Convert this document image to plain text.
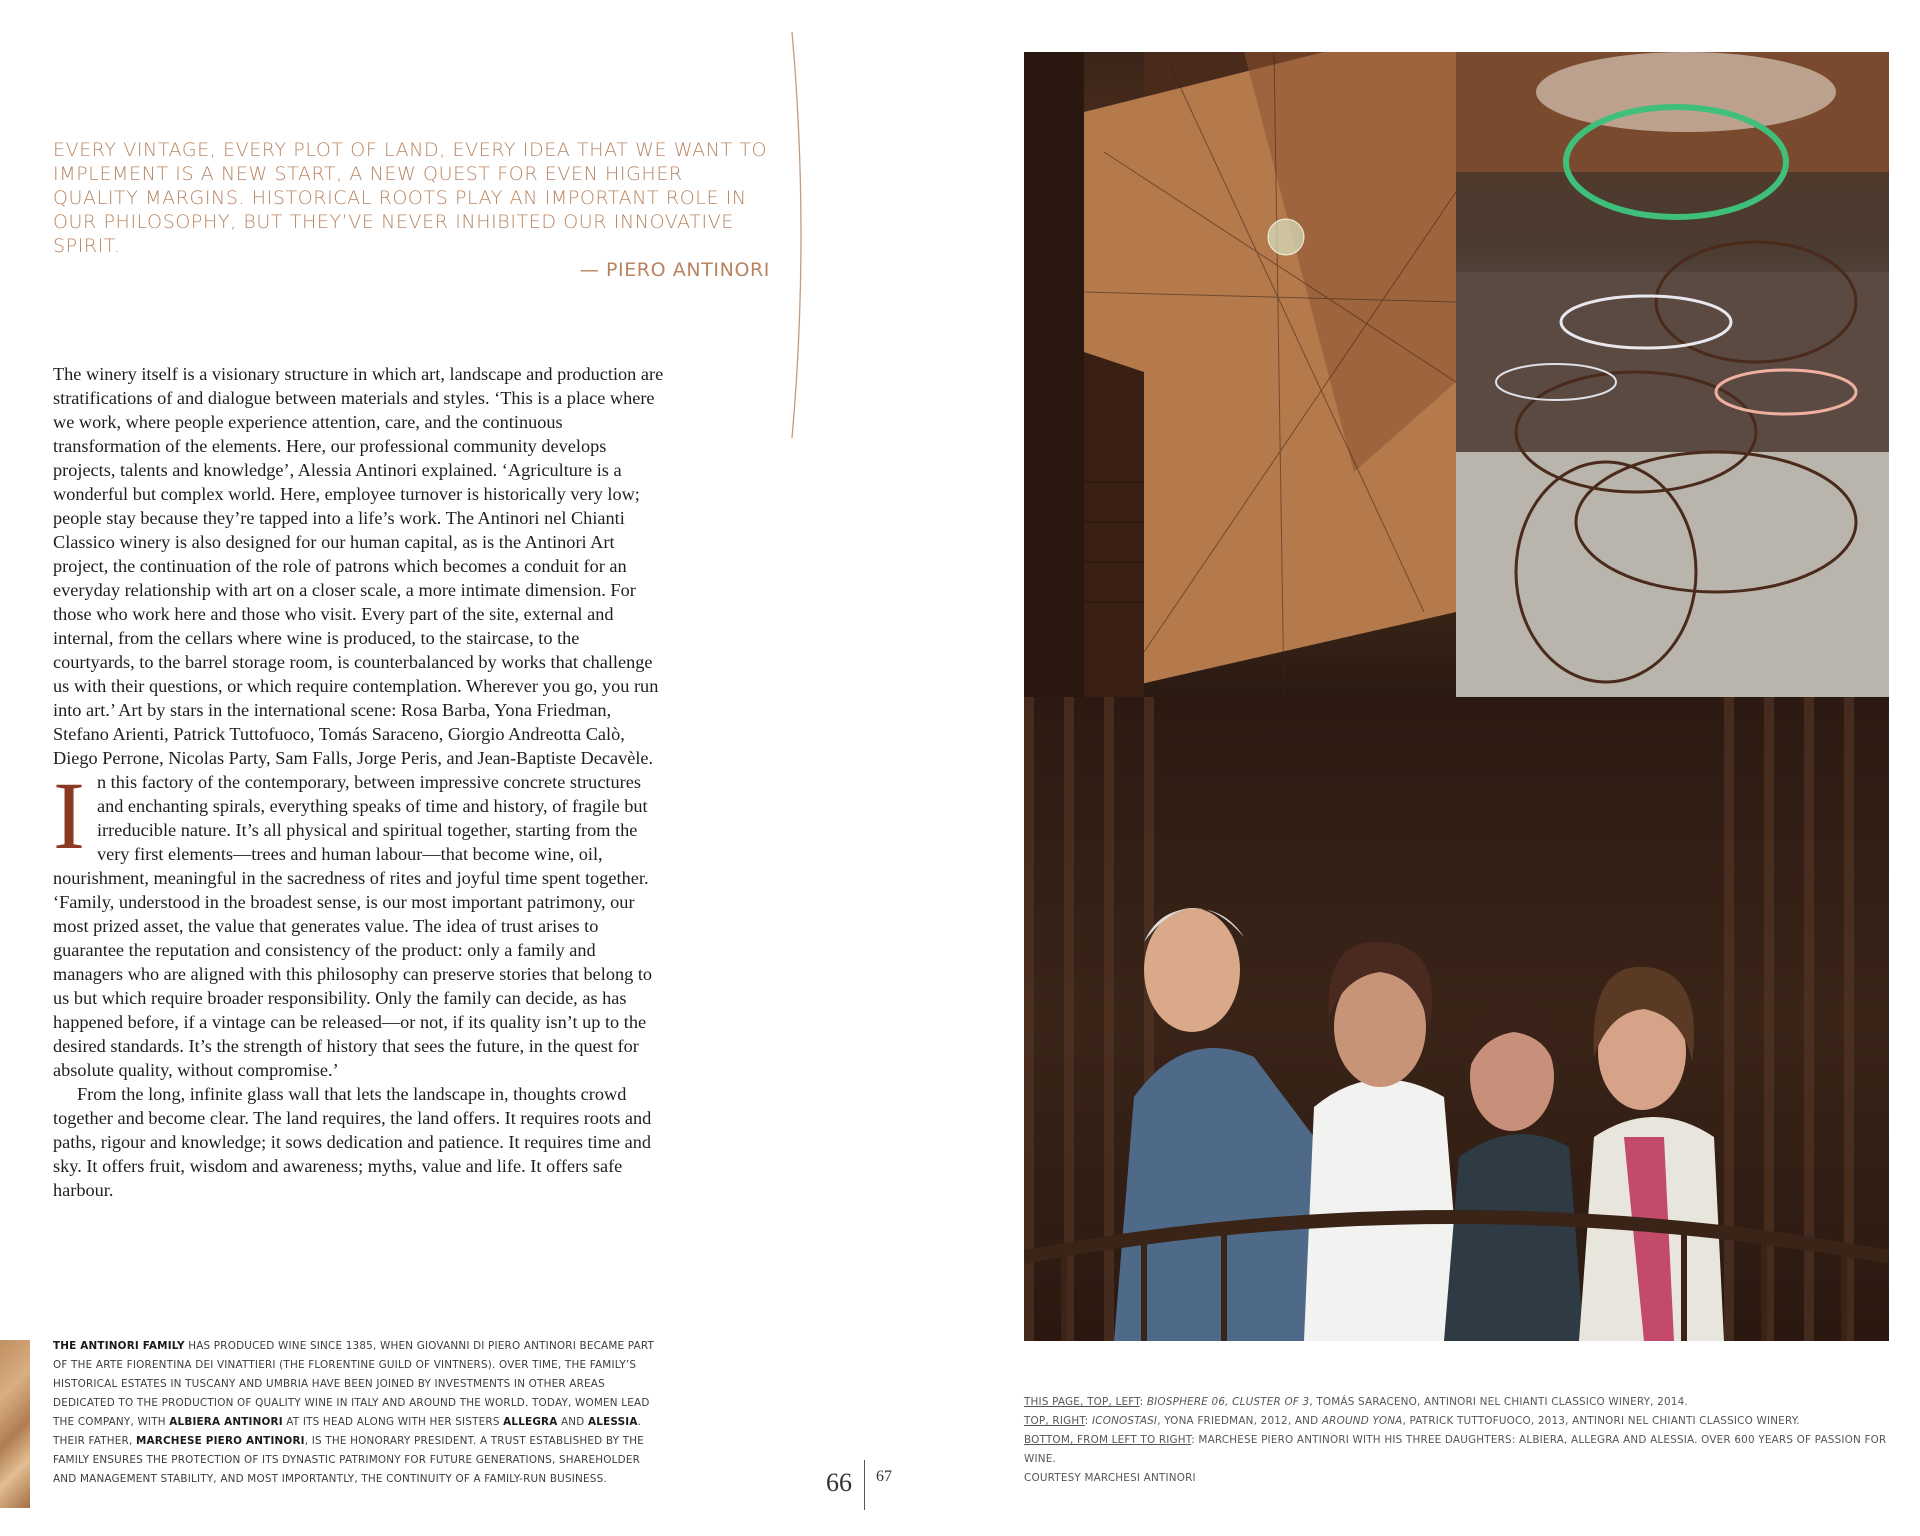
EVERY VINTAGE, EVERY PLOT OF LAND, EVERY IDEA THAT WE WANT TO IMPLEMENT IS A NEW START, A NEW QUEST FOR EVEN HIGHER QUALITY MARGINS. HISTORICAL ROOTS PLAY AN IMPORTANT ROLE IN OUR PHILOSOPHY, BUT THEY’VE NEVER INHIBITED OUR INNOVATIVE SPIRIT.
— PIERO ANTINORI

The winery itself is a visionary structure in which art, landscape and production are stratifications of and dialogue between materials and styles. ‘This is a place where we work, where people experience attention, care, and the continuous transformation of the elements. Here, our professional community develops projects, talents and knowledge’, Alessia Antinori explained. ‘Agriculture is a wonderful but complex world. Here, employee turnover is historically very low; people stay because they’re tapped into a life’s work. The Antinori nel Chianti Classico winery is also designed for our human capital, as is the Antinori Art project, the continuation of the role of patrons which becomes a conduit for an everyday relationship with art on a closer scale, a more intimate dimension. For those who work here and those who visit. Every part of the site, external and internal, from the cellars where wine is produced, to the staircase, to the courtyards, to the barrel storage room, is counterbalanced by works that challenge us with their questions, or which require contemplation. Wherever you go, you run into art.’ Art by stars in the international scene: Rosa Barba, Yona Friedman, Stefano Arienti, Patrick Tuttofuoco, Tomás Saraceno, Giorgio Andreotta Calò, Diego Perrone, Nicolas Party, Sam Falls, Jorge Peris, and Jean-Baptiste Decavèle.

In this factory of the contemporary, between impressive concrete structures and enchanting spirals, everything speaks of time and history, of fragile but irreducible nature. It’s all physical and spiritual together, starting from the very first elements—trees and human labour—that become wine, oil, nourishment, meaningful in the sacredness of rites and joyful time spent together. ‘Family, understood in the broadest sense, is our most important patrimony, our most prized asset, the value that generates value. The idea of trust arises to guarantee the reputation and consistency of the product: only a family and managers who are aligned with this philosophy can preserve stories that belong to us but which require broader responsibility. Only the family can decide, as has happened before, if a vintage can be released—or not, if its quality isn’t up to the desired standards. It’s the strength of history that sees the future, in the quest for absolute quality, without compromise.’

From the long, infinite glass wall that lets the landscape in, thoughts crowd together and become clear. The land requires, the land offers. It requires roots and paths, rigour and knowledge; it sows dedication and patience. It requires time and sky. It offers fruit, wisdom and awareness; myths, value and life. It offers safe harbour.

THE ANTINORI FAMILY HAS PRODUCED WINE SINCE 1385, WHEN GIOVANNI DI PIERO ANTINORI BECAME PART OF THE ARTE FIORENTINA DEI VINATTIERI (THE FLORENTINE GUILD OF VINTNERS). OVER TIME, THE FAMILY’S HISTORICAL ESTATES IN TUSCANY AND UMBRIA HAVE BEEN JOINED BY INVESTMENTS IN OTHER AREAS DEDICATED TO THE PRODUCTION OF QUALITY WINE IN ITALY AND AROUND THE WORLD. TODAY, WOMEN LEAD THE COMPANY, WITH ALBIERA ANTINORI AT ITS HEAD ALONG WITH HER SISTERS ALLEGRA AND ALESSIA. THEIR FATHER, MARCHESE PIERO ANTINORI, IS THE HONORARY PRESIDENT. A TRUST ESTABLISHED BY THE FAMILY ENSURES THE PROTECTION OF ITS DYNASTIC PATRIMONY FOR FUTURE GENERATIONS, SHAREHOLDER AND MANAGEMENT STABILITY, AND MOST IMPORTANTLY, THE CONTINUITY OF A FAMILY-RUN BUSINESS.	66 67
THIS PAGE, TOP, LEFT: BIOSPHERE 06, CLUSTER OF 3, TOMÁS SARACENO, ANTINORI NEL CHIANTI CLASSICO WINERY, 2014.
TOP, RIGHT: ICONOSTASI, YONA FRIEDMAN, 2012, AND AROUND YONA, PATRICK TUTTOFUOCO, 2013, ANTINORI NEL CHIANTI CLASSICO WINERY.
BOTTOM, FROM LEFT TO RIGHT: MARCHESE PIERO ANTINORI WITH HIS THREE DAUGHTERS: ALBIERA, ALLEGRA AND ALESSIA. OVER 600 YEARS OF PASSION FOR WINE.
COURTESY MARCHESI ANTINORI
